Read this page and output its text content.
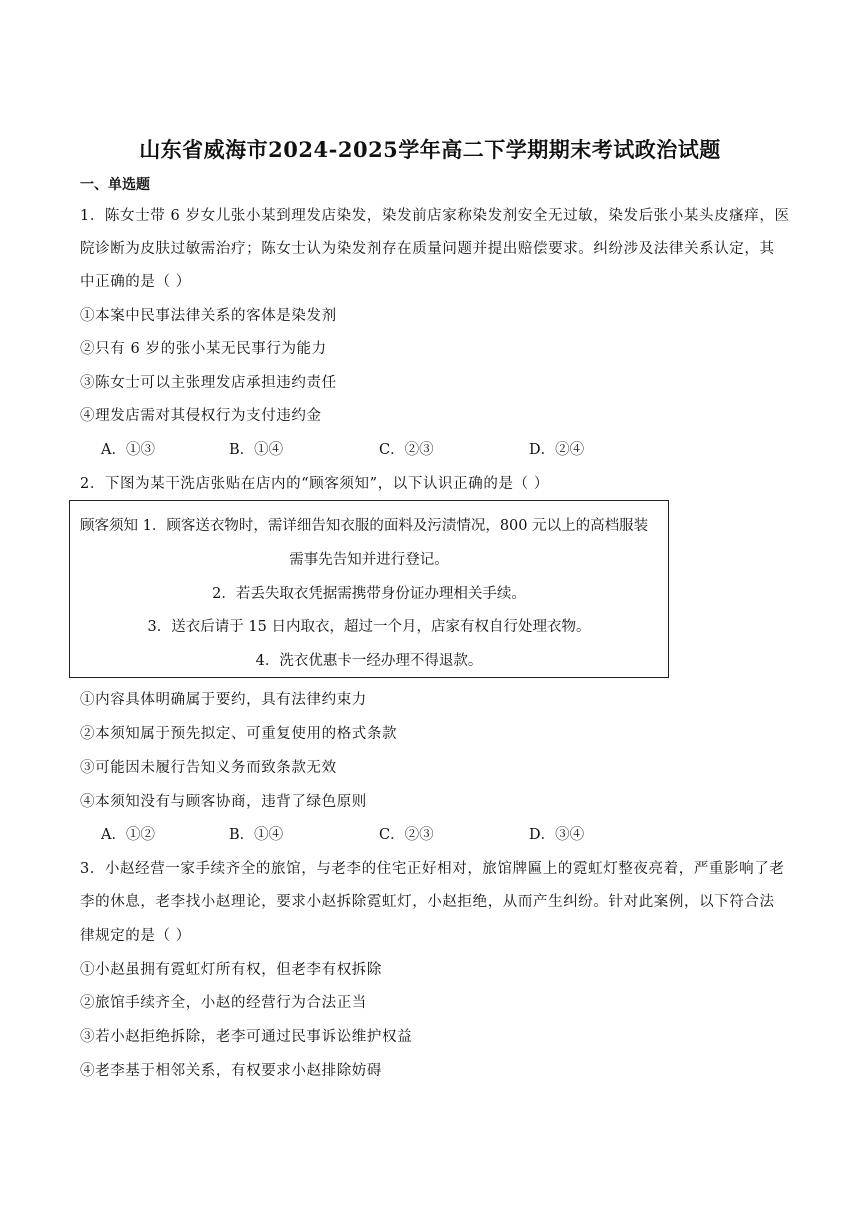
山东省威海市2024-2025学年高二下学期期末考试政治试题
一、单选题
1．陈女士带 6 岁女儿张小某到理发店染发，染发前店家称染发剂安全无过敏，染发后张小某头皮瘙痒，医
院诊断为皮肤过敏需治疗；陈女士认为染发剂存在质量问题并提出赔偿要求。纠纷涉及法律关系认定，其
中正确的是（ ）
①本案中民事法律关系的客体是染发剂
②只有 6 岁的张小某无民事行为能力
③陈女士可以主张理发店承担违约责任
④理发店需对其侵权行为支付违约金
A．①③	B．①④	C．②③	D．②④
2．下图为某干洗店张贴在店内的“顾客须知”，以下认识正确的是（ ）
顾客须知 1．顾客送衣物时，需详细告知衣服的面料及污渍情况，800 元以上的高档服装
需事先告知并进行登记。
2．若丢失取衣凭据需携带身份证办理相关手续。
3．送衣后请于 15 日内取衣，超过一个月，店家有权自行处理衣物。
4．洗衣优惠卡一经办理不得退款。
①内容具体明确属于要约，具有法律约束力
②本须知属于预先拟定、可重复使用的格式条款
③可能因未履行告知义务而致条款无效
④本须知没有与顾客协商，违背了绿色原则
A．①②	B．①④	C．②③	D．③④
3．小赵经营一家手续齐全的旅馆，与老李的住宅正好相对，旅馆牌匾上的霓虹灯整夜亮着，严重影响了老
李的休息，老李找小赵理论，要求小赵拆除霓虹灯，小赵拒绝，从而产生纠纷。针对此案例，以下符合法
律规定的是（ ）
①小赵虽拥有霓虹灯所有权，但老李有权拆除
②旅馆手续齐全，小赵的经营行为合法正当
③若小赵拒绝拆除，老李可通过民事诉讼维护权益
④老李基于相邻关系，有权要求小赵排除妨碍
